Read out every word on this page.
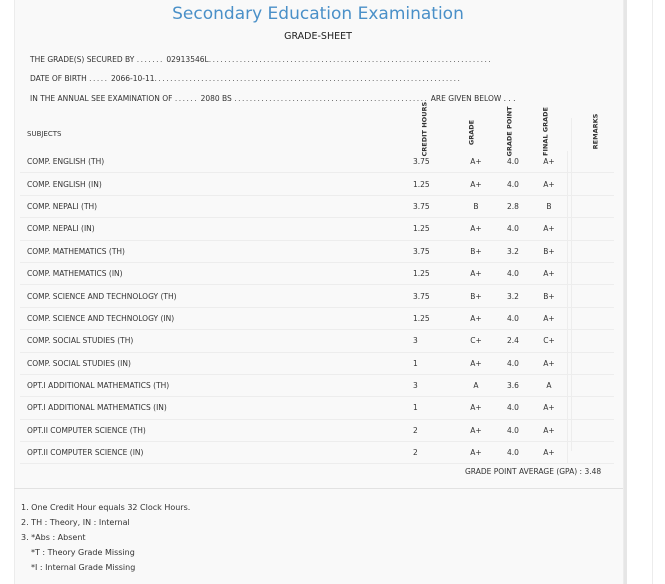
Secondary Education Examination
GRADE-SHEET
THE GRADE(S) SECURED BY ....... 02913546L.........................................................................
DATE OF BIRTH ..... 2066-10-11...............................................................................
IN THE ANNUAL SEE EXAMINATION OF ...... 2080 BS .................................................. ARE GIVEN BELOW . . .
SUBJECTS	CREDIT HOURS	GRADE	GRADE POINT	FINAL GRADE	REMARKS
COMP. ENGLISH (TH)	3.75	A+	4.0	A+	
COMP. ENGLISH (IN)	1.25	A+	4.0	A+	
COMP. NEPALI (TH)	3.75	B	2.8	B	
COMP. NEPALI (IN)	1.25	A+	4.0	A+	
COMP. MATHEMATICS (TH)	3.75	B+	3.2	B+	
COMP. MATHEMATICS (IN)	1.25	A+	4.0	A+	
COMP. SCIENCE AND TECHNOLOGY (TH)	3.75	B+	3.2	B+	
COMP. SCIENCE AND TECHNOLOGY (IN)	1.25	A+	4.0	A+	
COMP. SOCIAL STUDIES (TH)	3	C+	2.4	C+	
COMP. SOCIAL STUDIES (IN)	1	A+	4.0	A+	
OPT.I ADDITIONAL MATHEMATICS (TH)	3	A	3.6	A	
OPT.I ADDITIONAL MATHEMATICS (IN)	1	A+	4.0	A+	
OPT.II COMPUTER SCIENCE (TH)	2	A+	4.0	A+	
OPT.II COMPUTER SCIENCE (IN)	2	A+	4.0	A+	
GRADE POINT AVERAGE (GPA) : 3.48
1. One Credit Hour equals 32 Clock Hours.
2. TH : Theory, IN : Internal
3. *Abs : Absent
*T : Theory Grade Missing
*I : Internal Grade Missing
